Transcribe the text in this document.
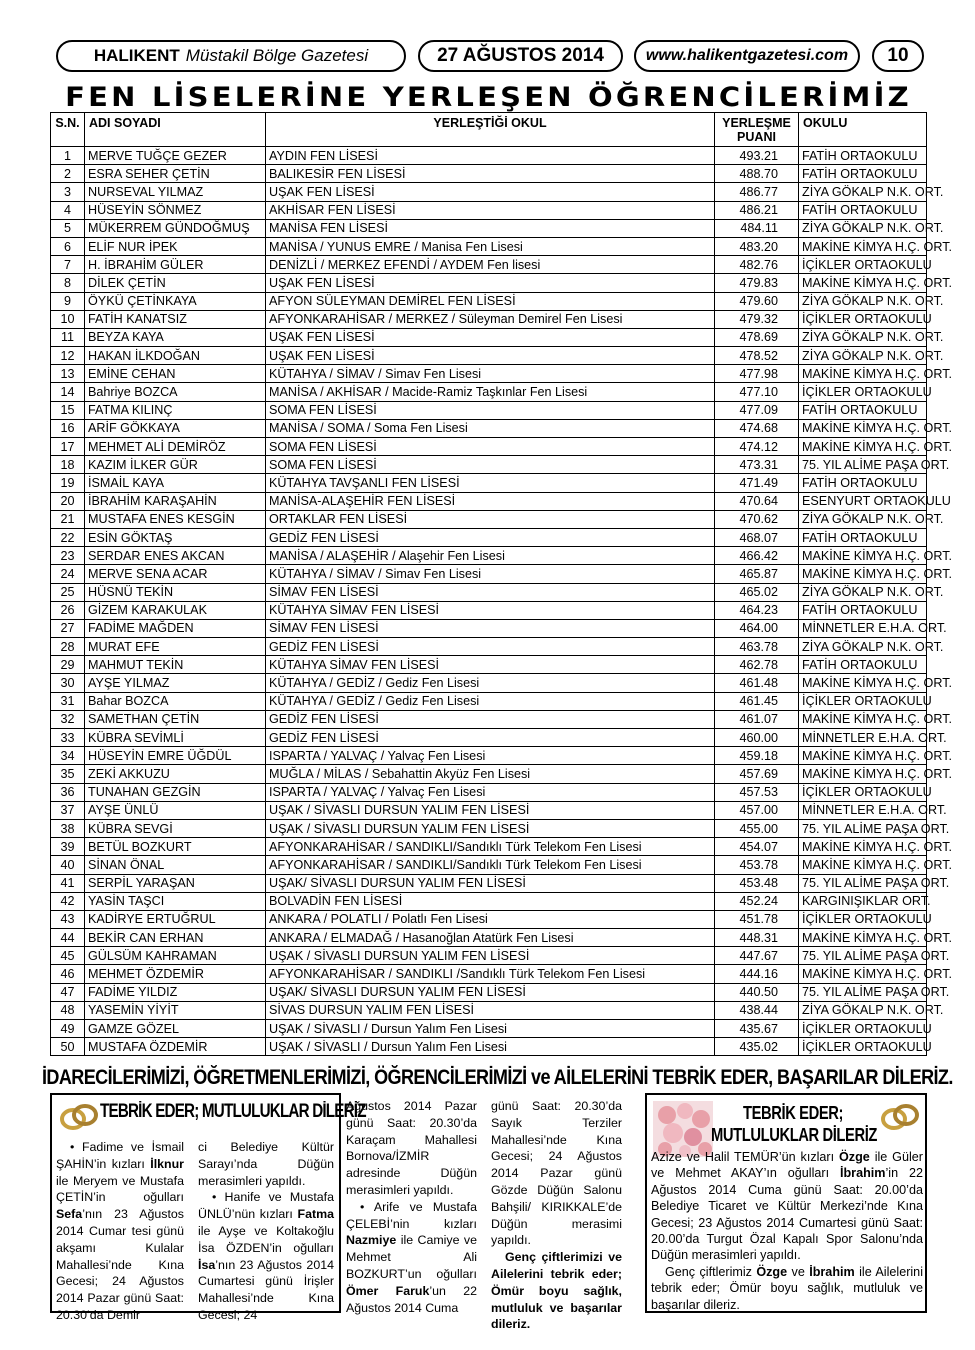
HALIKENT Müstakil Bölge Gazetesi	27 AĞUSTOS 2014	www.halikentgazetesi.com	10
FEN LİSELERİNE YERLEŞEN ÖĞRENCİLERİMİZ
S.N.	ADI SOYADI	YERLEŞTİĞİ OKUL	YERLEŞME
PUANI	OKULU
1	MERVE TUĞÇE GEZER	AYDIN FEN LİSESİ	493.21	FATİH ORTAOKULU
2	ESRA SEHER ÇETİN	BALIKESİR FEN LİSESİ	488.70	FATİH ORTAOKULU
3	NURSEVAL YILMAZ	UŞAK FEN LİSESİ	486.77	ZİYA GÖKALP N.K. ORT.
4	HÜSEYİN SÖNMEZ	AKHİSAR FEN LİSESİ	486.21	FATİH ORTAOKULU
5	MÜKERREM GÜNDOĞMUŞ	MANİSA FEN LİSESİ	484.11	ZİYA GÖKALP N.K. ORT.
6	ELİF NUR İPEK	MANİSA / YUNUS EMRE / Manisa Fen Lisesi	483.20	MAKİNE KİMYA H.Ç. ORT.
7	H. İBRAHİM GÜLER	DENİZLİ / MERKEZ EFENDİ / AYDEM Fen lisesi	482.76	İÇİKLER ORTAOKULU
8	DİLEK ÇETİN	UŞAK FEN LİSESİ	479.83	MAKİNE KİMYA H.Ç. ORT.
9	ÖYKÜ ÇETİNKAYA	AFYON SÜLEYMAN DEMİREL FEN LİSESİ	479.60	ZİYA GÖKALP N.K. ORT.
10	FATİH KANATSIZ	AFYONKARAHİSAR / MERKEZ / Süleyman Demirel Fen Lisesi	479.32	İÇİKLER ORTAOKULU
11	BEYZA KAYA	UŞAK FEN LİSESİ	478.69	ZİYA GÖKALP N.K. ORT.
12	HAKAN İLKDOĞAN	UŞAK FEN LİSESİ	478.52	ZİYA GÖKALP N.K. ORT.
13	EMİNE CEHAN	KÜTAHYA / SİMAV / Simav Fen Lisesi	477.98	MAKİNE KİMYA H.Ç. ORT.
14	Bahriye BOZCA	MANİSA / AKHİSAR / Macide-Ramiz Taşkınlar Fen Lisesi	477.10	İÇİKLER ORTAOKULU
15	FATMA KILINÇ	SOMA FEN LİSESİ	477.09	FATİH ORTAOKULU
16	ARİF GÖKKAYA	MANİSA / SOMA / Soma Fen Lisesi	474.68	MAKİNE KİMYA H.Ç. ORT.
17	MEHMET ALİ DEMİRÖZ	SOMA FEN LİSESİ	474.12	MAKİNE KİMYA H.Ç. ORT.
18	KAZIM İLKER GÜR	SOMA FEN LİSESİ	473.31	75. YIL ALİME PAŞA ORT.
19	İSMAİL KAYA	KÜTAHYA TAVŞANLI FEN LİSESİ	471.49	FATİH ORTAOKULU
20	İBRAHİM KARAŞAHİN	MANİSA-ALAŞEHİR FEN LİSESİ	470.64	ESENYURT ORTAOKULU
21	MUSTAFA ENES KESGİN	ORTAKLAR FEN LİSESİ	470.62	ZİYA GÖKALP N.K. ORT.
22	ESİN GÖKTAŞ	GEDİZ FEN LİSESİ	468.07	FATİH ORTAOKULU
23	SERDAR ENES AKCAN	MANİSA / ALAŞEHİR / Alaşehir Fen Lisesi	466.42	MAKİNE KİMYA H.Ç. ORT.
24	MERVE SENA ACAR	KÜTAHYA / SİMAV / Simav Fen Lisesi	465.87	MAKİNE KİMYA H.Ç. ORT.
25	HÜSNÜ TEKİN	SİMAV FEN LİSESİ	465.02	ZİYA GÖKALP N.K. ORT.
26	GİZEM KARAKULAK	KÜTAHYA SİMAV FEN LİSESİ	464.23	FATİH ORTAOKULU
27	FADİME MAĞDEN	SİMAV FEN LİSESİ	464.00	MİNNETLER E.H.A. ORT.
28	MURAT EFE	GEDİZ FEN LİSESİ	463.78	ZİYA GÖKALP N.K. ORT.
29	MAHMUT TEKİN	KÜTAHYA SİMAV FEN LİSESİ	462.78	FATİH ORTAOKULU
30	AYŞE YILMAZ	KÜTAHYA / GEDİZ / Gediz Fen Lisesi	461.48	MAKİNE KİMYA H.Ç. ORT.
31	Bahar BOZCA	KÜTAHYA / GEDİZ / Gediz Fen Lisesi	461.45	İÇİKLER ORTAOKULU
32	SAMETHAN ÇETİN	GEDİZ FEN LİSESİ	461.07	MAKİNE KİMYA H.Ç. ORT.
33	KÜBRA SEVİMLİ	GEDİZ FEN LİSESİ	460.00	MİNNETLER E.H.A. ORT.
34	HÜSEYİN EMRE ÜĞDÜL	ISPARTA / YALVAÇ / Yalvaç Fen Lisesi	459.18	MAKİNE KİMYA H.Ç. ORT.
35	ZEKİ AKKUZU	MUĞLA / MİLAS / Sebahattin Akyüz Fen Lisesi	457.69	MAKİNE KİMYA H.Ç. ORT.
36	TUNAHAN GEZGİN	ISPARTA / YALVAÇ / Yalvaç Fen Lisesi	457.53	İÇİKLER ORTAOKULU
37	AYŞE ÜNLÜ	UŞAK / SİVASLI DURSUN YALIM FEN LİSESİ	457.00	MİNNETLER E.H.A. ORT.
38	KÜBRA SEVGİ	UŞAK / SİVASLI DURSUN YALIM FEN LİSESİ	455.00	75. YIL ALİME PAŞA ORT.
39	BETÜL BOZKURT	AFYONKARAHİSAR / SANDIKLI/Sandıklı Türk Telekom Fen Lisesi	454.07	MAKİNE KİMYA H.Ç. ORT.
40	SİNAN ÖNAL	AFYONKARAHİSAR / SANDIKLI/Sandıklı Türk Telekom Fen Lisesi	453.78	MAKİNE KİMYA H.Ç. ORT.
41	SERPİL YARAŞAN	UŞAK/ SİVASLI DURSUN YALIM FEN LİSESİ	453.48	75. YIL ALİME PAŞA ORT.
42	YASİN TAŞCI	BOLVADİN FEN LİSESİ	452.24	KARGINIŞIKLAR ORT.
43	KADİRYE ERTUĞRUL	ANKARA / POLATLI / Polatlı Fen Lisesi	451.78	İÇİKLER ORTAOKULU
44	BEKİR CAN ERHAN	ANKARA / ELMADAĞ / Hasanoğlan Atatürk Fen Lisesi	448.31	MAKİNE KİMYA H.Ç. ORT.
45	GÜLSÜM KAHRAMAN	UŞAK / SİVASLI DURSUN YALIM FEN LİSESİ	447.67	75. YIL ALİME PAŞA ORT.
46	MEHMET ÖZDEMİR	AFYONKARAHİSAR / SANDIKLI /Sandıklı Türk Telekom Fen Lisesi	444.16	MAKİNE KİMYA H.Ç. ORT.
47	FADİME YILDIZ	UŞAK/ SİVASLI DURSUN YALIM FEN LİSESİ	440.50	75. YIL ALİME PAŞA ORT.
48	YASEMİN YİYİT	SİVAS DURSUN YALIM FEN LİSESİ	438.44	ZİYA GÖKALP N.K. ORT.
49	GAMZE GÖZEL	UŞAK / SİVASLI / Dursun Yalım Fen Lisesi	435.67	İÇİKLER ORTAOKULU
50	MUSTAFA ÖZDEMİR	UŞAK / SİVASLI / Dursun Yalım Fen Lisesi	435.02	İÇİKLER ORTAOKULU
İDARECİLERİMİZİ, ÖĞRETMENLERİMİZİ, ÖĞRENCİLERİMİZİ ve AİLELERİNİ TEBRİK EDER, BAŞARILAR DİLERİZ.
TEBRİK EDER; MUTLULUKLAR DİLERİZ

• Fadime ve İsmail ŞAHİN’in kızları İlknur ile Meryem ve Mustafa ÇETİN’in oğulları Sefa’nın 23 Ağustos 2014 Cumar tesi günü akşamı Kulalar Mahallesi’nde Kına Gecesi; 24 Ağustos 2014 Pazar günü Saat: 20.30’da Demir

ci Belediye Kültür Sarayı’nda Düğün merasimleri yapıldı.

• Hanife ve Mustafa ÜNLÜ’nün kızları Fatma ile Ayşe ve Koltakoğlu İsa ÖZDEN’in oğulları İsa’nın 23 Ağustos 2014 Cumartesi günü İrişler Mahallesi’nde Kına Gecesi; 24

Ağustos 2014 Pazar günü Saat: 20.30’da Karaçam Mahallesi Bornova/İZMİR adresinde Düğün merasimleri yapıldı.

• Arife ve Mustafa ÇELEBİ’nin kızları Nazmiye ile Camiye ve Mehmet Ali BOZKURT’un oğulları Ömer Faruk’un 22 Ağustos 2014 Cuma

günü Saat: 20.30’da Sayık Terziler Mahallesi’nde Kına Gecesi; 24 Ağustos 2014 Pazar günü Gözde Düğün Salonu Bahşili/ KIRIKKALE’de Düğün merasimi yapıldı.

Genç çiftlerimizi ve Ailelerini tebrik eder; Ömür boyu sağlık, mutluluk ve başarılar dileriz.

TEBRİK EDER;
MUTLULUKLAR DİLERİZ

Azize ve Halil TEMÜR’ün kızları Özge ile Güler ve Mehmet AKAY’ın oğulları İbrahim’in 22 Ağustos 2014 Cuma günü Saat: 20.00’da Belediye Ticaret ve Kültür Merkezi’nde Kına Gecesi; 23 Ağustos 2014 Cumartesi günü Saat: 20.00’da Turgut Özal Kapalı Spor Salonu’nda Düğün merasimleri yapıldı.

Genç çiftlerimiz Özge ve İbrahim ile Ailelerini tebrik eder; Ömür boyu sağlık, mutluluk ve başarılar dileriz.
